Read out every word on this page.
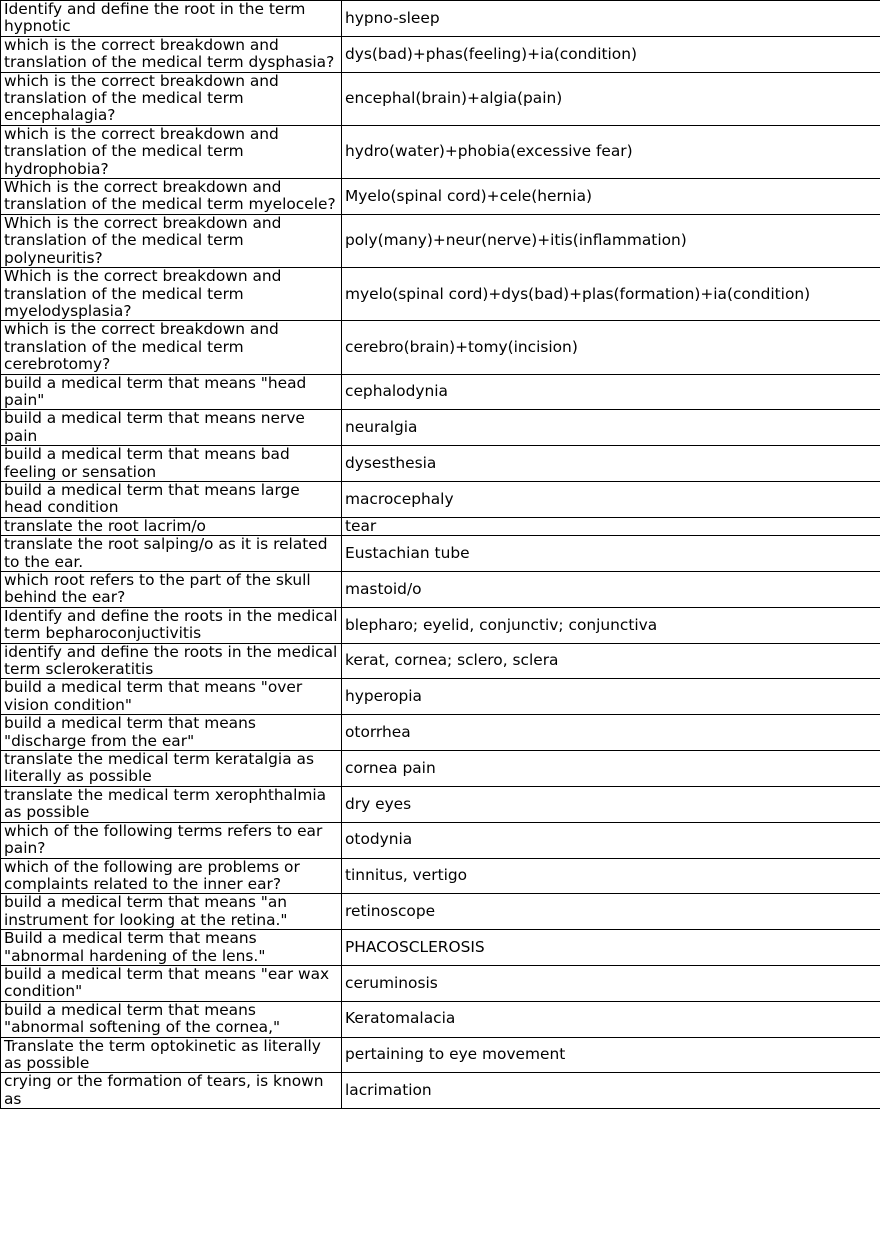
Identify and define the root in the term hypnotic	hypno-sleep
which is the correct breakdown and translation of the medical term dysphasia?	dys(bad)+phas(feeling)+ia(condition)
which is the correct breakdown and translation of the medical term encephalagia?	encephal(brain)+algia(pain)
which is the correct breakdown and translation of the medical term hydrophobia?	hydro(water)+phobia(excessive fear)
Which is the correct breakdown and translation of the medical term myelocele?	Myelo(spinal cord)+cele(hernia)
Which is the correct breakdown and translation of the medical term polyneuritis?	poly(many)+neur(nerve)+itis(inflammation)
Which is the correct breakdown and translation of the medical term myelodysplasia?	myelo(spinal cord)+dys(bad)+plas(formation)+ia(condition)
which is the correct breakdown and translation of the medical term cerebrotomy?	cerebro(brain)+tomy(incision)
build a medical term that means "head pain"	cephalodynia
build a medical term that means nerve pain	neuralgia
build a medical term that means bad feeling or sensation	dysesthesia
build a medical term that means large head condition	macrocephaly
translate the root lacrim/o	tear
translate the root salping/o as it is related to the ear.	Eustachian tube
which root refers to the part of the skull behind the ear?	mastoid/o
Identify and define the roots in the medical term bepharoconjuctivitis	blepharo; eyelid, conjunctiv; conjunctiva
identify and define the roots in the medical term sclerokeratitis	kerat, cornea; sclero, sclera
build a medical term that means "over vision condition"	hyperopia
build a medical term that means "discharge from the ear"	otorrhea
translate the medical term keratalgia as literally as possible	cornea pain
translate the medical term xerophthalmia as possible	dry eyes
which of the following terms refers to ear pain?	otodynia
which of the following are problems or complaints related to the inner ear?	tinnitus, vertigo
build a medical term that means "an instrument for looking at the retina."	retinoscope
Build a medical term that means "abnormal hardening of the lens."	PHACOSCLEROSIS
build a medical term that means "ear wax condition"	ceruminosis
build a medical term that means "abnormal softening of the cornea,"	Keratomalacia
Translate the term optokinetic as literally as possible	pertaining to eye movement
crying or the formation of tears, is known as	lacrimation
